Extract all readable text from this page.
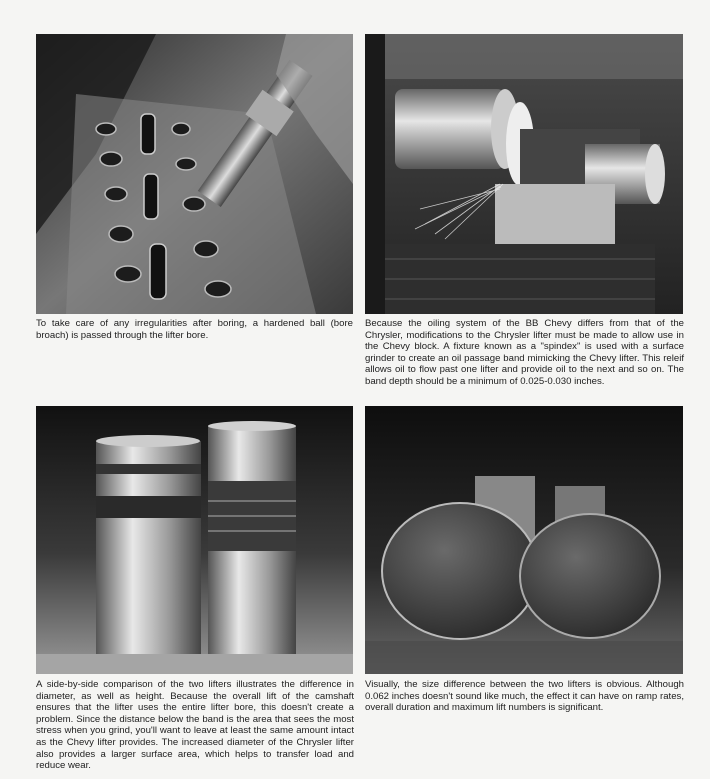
To take care of any irregularities after boring, a hardened ball (bore broach) is passed through the lifter bore.

Because the oiling system of the BB Chevy differs from that of the Chrysler, modifications to the Chrysler lifter must be made to allow use in the Chevy block. A fixture known as a "spindex" is used with a surface grinder to create an oil passage band mimicking the Chevy lifter. This releif allows oil to flow past one lifter and provide oil to the next and so on. The band depth should be a minimum of 0.025-0.030 inches.

A side-by-side comparison of the two lifters illustrates the difference in diameter, as well as height. Because the overall lift of the camshaft ensures that the lifter uses the entire lifter bore, this doesn't create a problem. Since the distance below the band is the area that sees the most stress when you grind, you'll want to leave at least the same amount intact as the Chevy lifter provides. The increased diameter of the Chrysler lifter also provides a larger surface area, which helps to transfer load and reduce wear.

Visually, the size difference between the two lifters is obvious. Although 0.062 inches doesn't sound like much, the effect it can have on ramp rates, overall duration and maximum lift numbers is significant.
